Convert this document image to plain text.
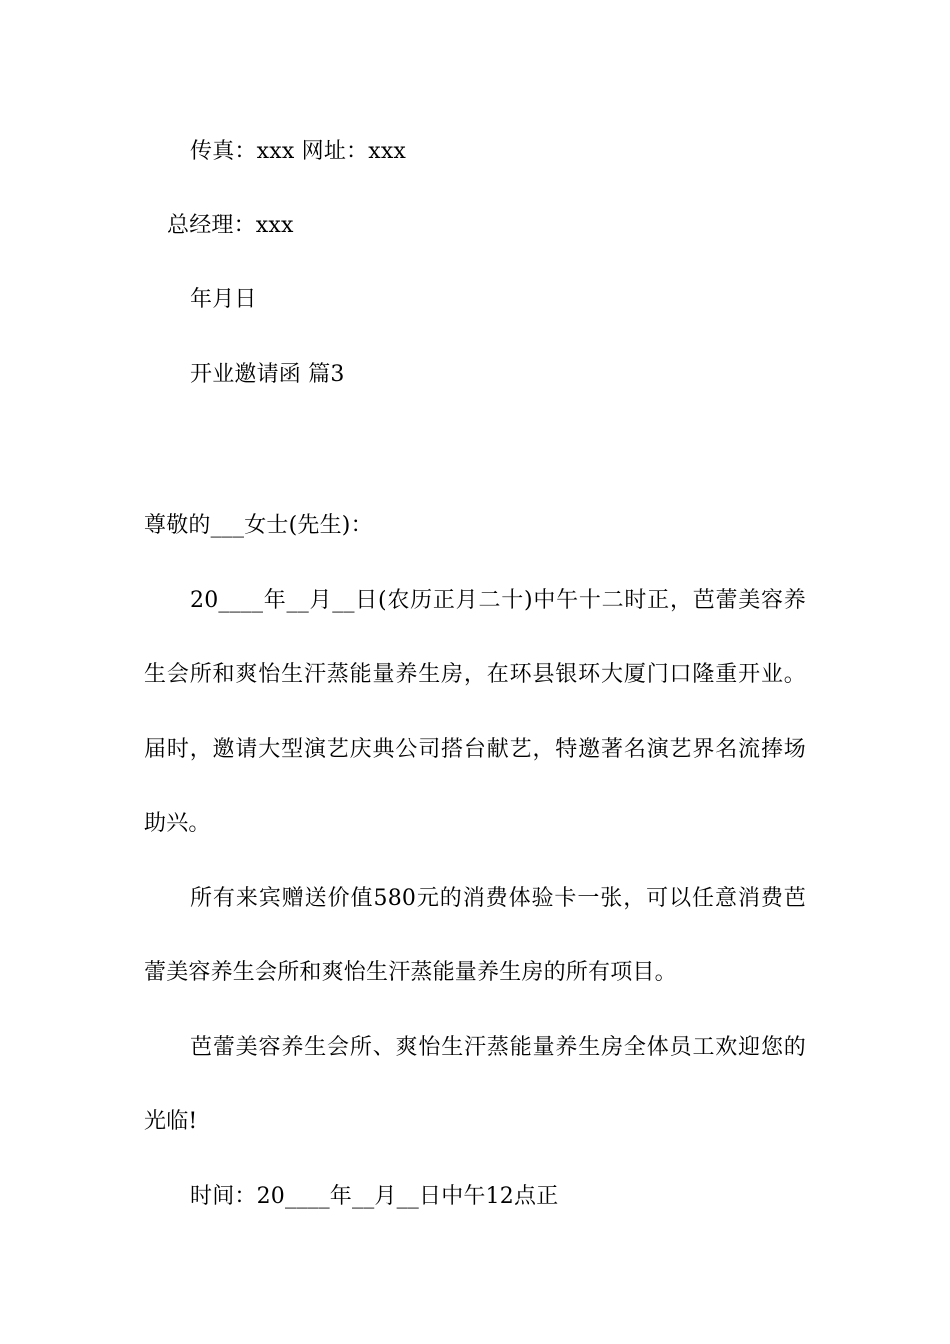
传真：xxx 网址：xxx
总经理：xxx
年月日
开业邀请函 篇3
尊敬的___女士(先生)：
20____年__月__日(农历正月二十)中午十二时正，芭蕾美容养
生会所和爽怡生汗蒸能量养生房，在环县银环大厦门口隆重开业。
届时，邀请大型演艺庆典公司搭台献艺，特邀著名演艺界名流捧场
助兴。
所有来宾赠送价值580元的消费体验卡一张，可以任意消费芭
蕾美容养生会所和爽怡生汗蒸能量养生房的所有项目。
芭蕾美容养生会所、爽怡生汗蒸能量养生房全体员工欢迎您的
光临!
时间：20____年__月__日中午12点正
